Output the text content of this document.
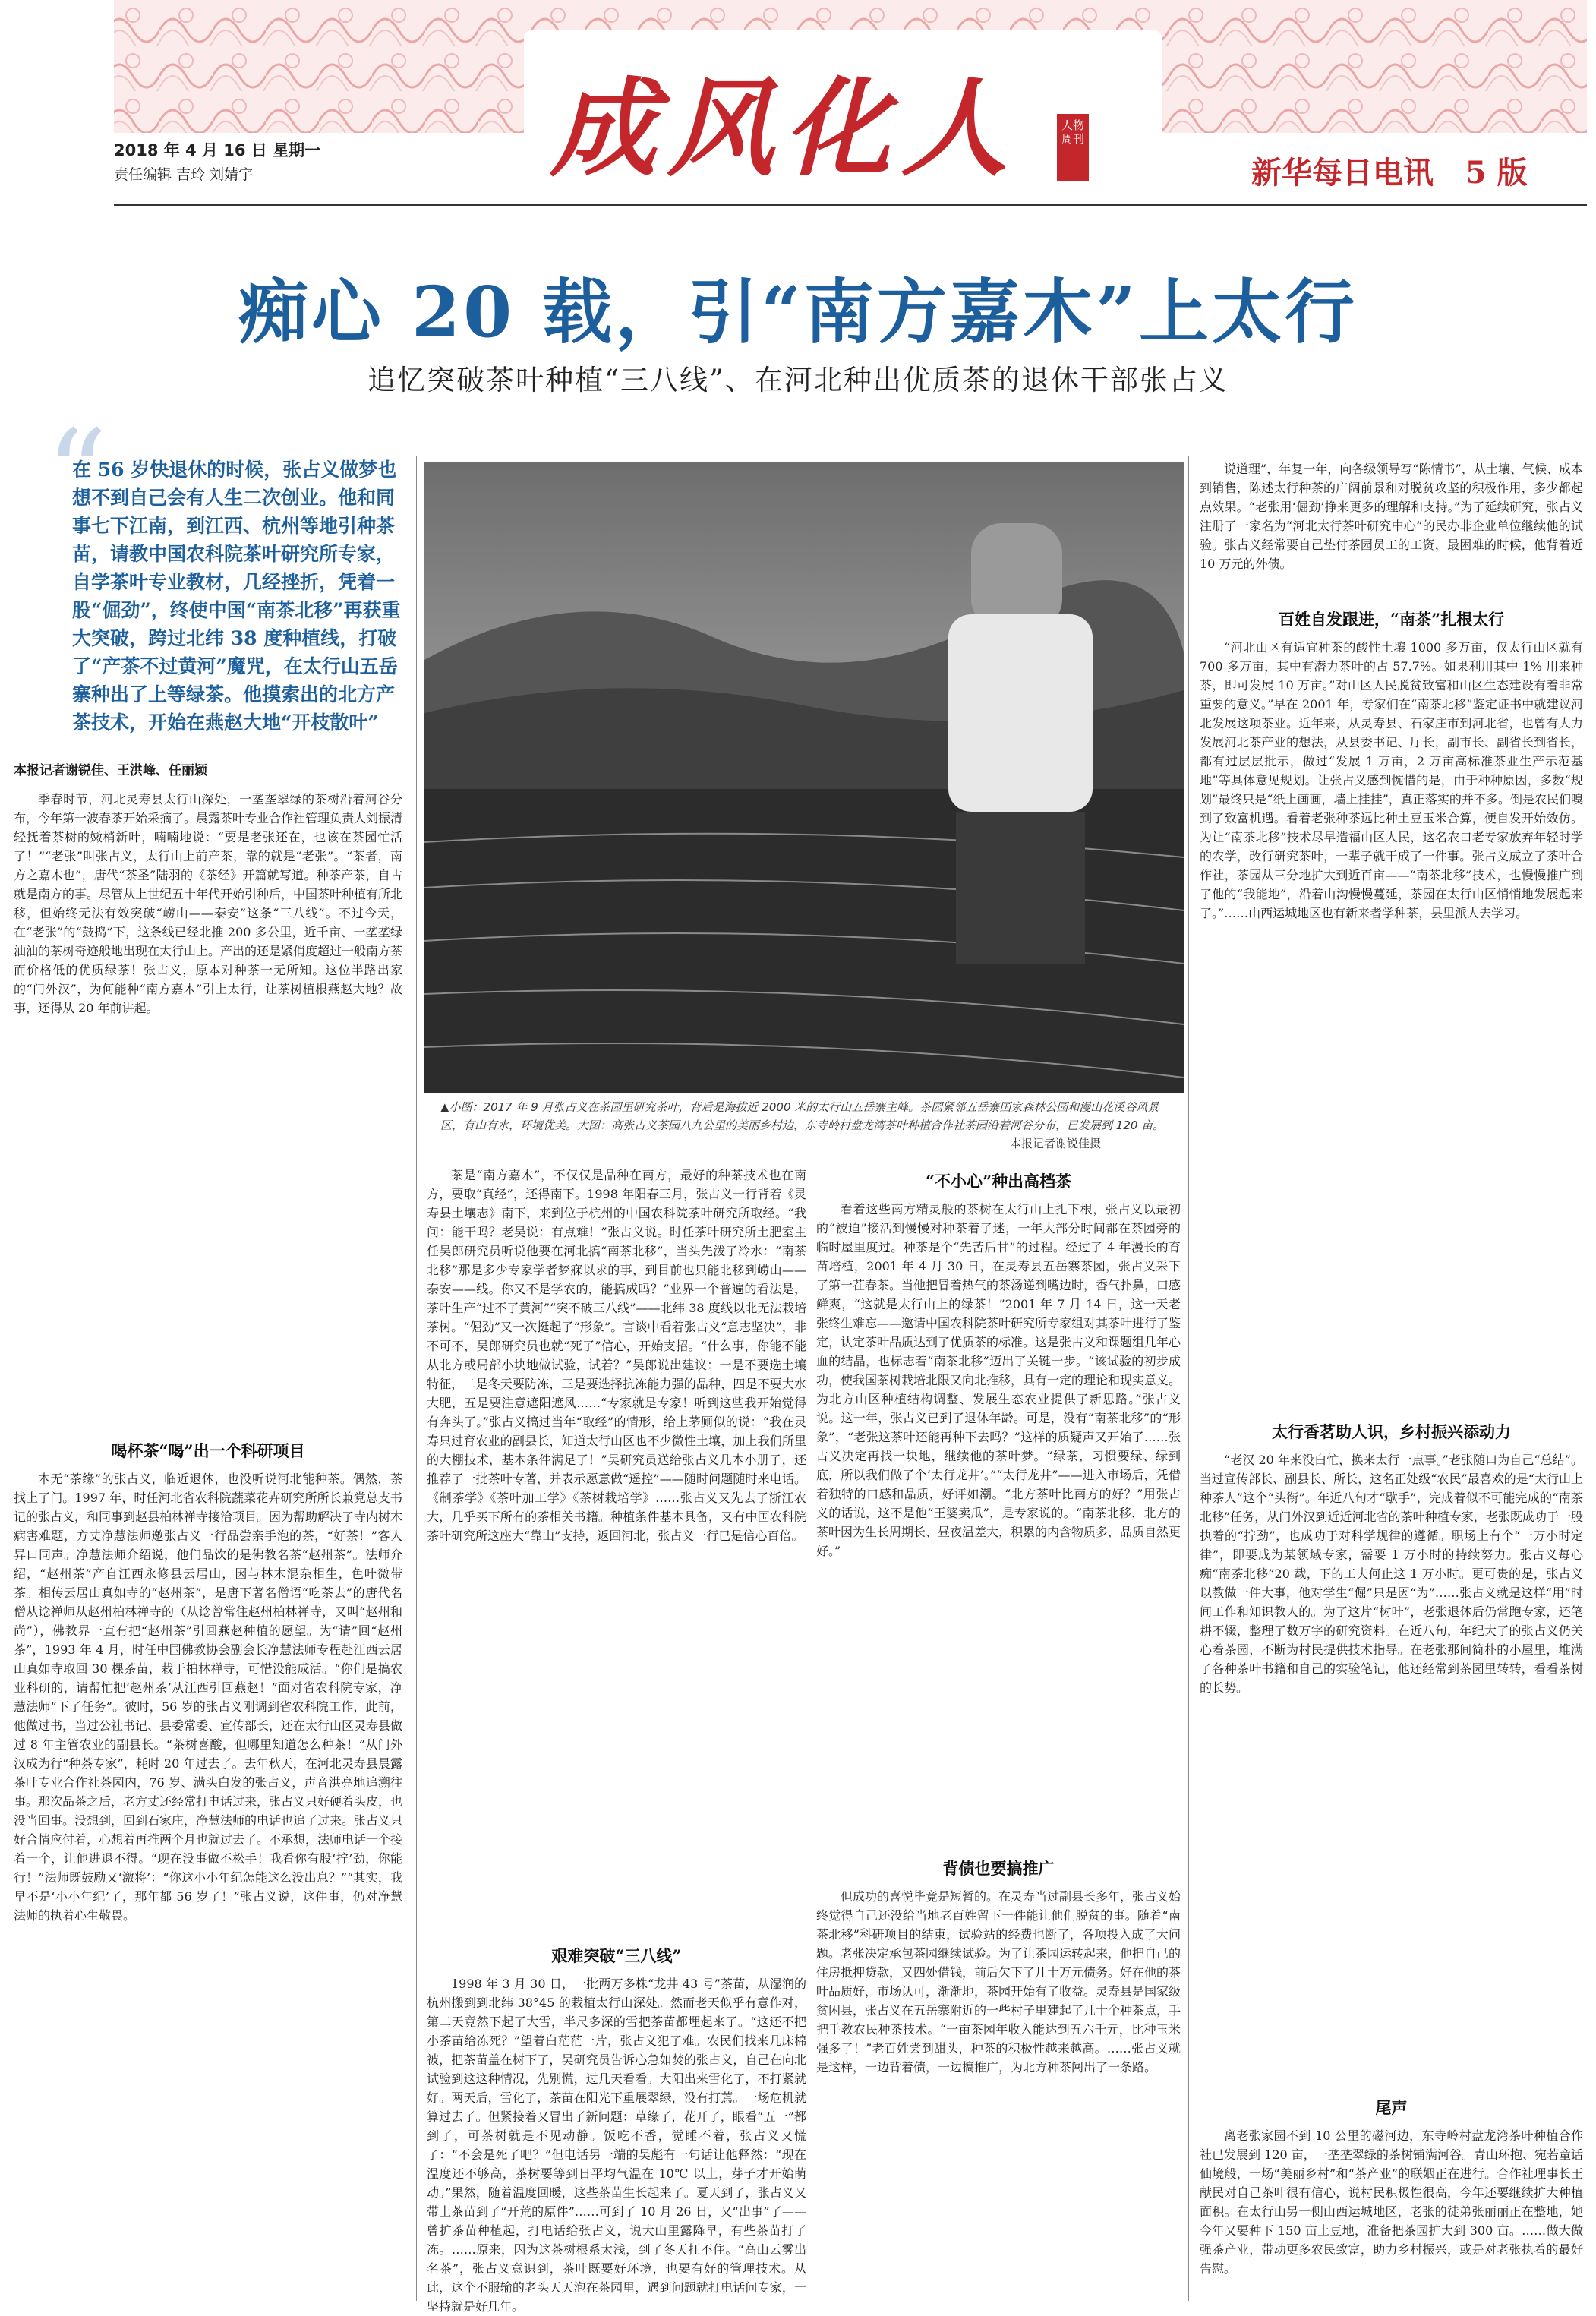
成风化人	人物周刊
2018 年 4 月 16 日 星期一
责任编辑 吉玲 刘婧宇	新华每日电讯 5 版
痴心 20 载，引“南方嘉木”上太行
追忆突破茶叶种植“三八线”、在河北种出优质茶的退休干部张占义
“
在 56 岁快退休的时候，张占义做梦也想不到自己会有人生二次创业。他和同事七下江南，到江西、杭州等地引种茶苗，请教中国农科院茶叶研究所专家，自学茶叶专业教材，几经挫折，凭着一股“倔劲”，终使中国“南茶北移”再获重大突破，跨过北纬 38 度种植线，打破了“产茶不过黄河”魔咒，在太行山五岳寨种出了上等绿茶。他摸索出的北方产茶技术，开始在燕赵大地“开枝散叶”
本报记者谢锐佳、王洪峰、任丽颖
▲小图：2017 年 9 月张占义在茶园里研究茶叶，背后是海拔近 2000 米的太行山五岳寨主峰。茶园紧邻五岳寨国家森林公园和漫山花溪谷风景区，有山有水，环境优美。大图：高张占义茶园八九公里的美丽乡村边，东寺岭村盘龙湾茶叶种植合作社茶园沿着河谷分布，已发展到 120 亩。
本报记者谢锐佳摄

季春时节，河北灵寿县太行山深处，一垄垄翠绿的茶树沿着河谷分布，今年第一波春茶开始采摘了。晨露茶叶专业合作社管理负责人刘振清轻抚着茶树的嫩梢新叶，喃喃地说：“要是老张还在，也该在茶园忙活了！”“老张”叫张占义，太行山上前产茶，靠的就是“老张”。“茶者，南方之嘉木也”，唐代“茶圣”陆羽的《茶经》开篇就写道。种茶产茶，自古就是南方的事。尽管从上世纪五十年代开始引种后，中国茶叶种植有所北移，但始终无法有效突破“崂山——泰安”这条“三八线”。不过今天，在“老张”的“鼓捣”下，这条线已经北推 200 多公里，近千亩、一垄垄绿油油的茶树奇迹般地出现在太行山上。产出的还是紧俏度超过一般南方茶而价格低的优质绿茶！张占义，原本对种茶一无所知。这位半路出家的“门外汉”，为何能种“南方嘉木”引上太行，让茶树植根燕赵大地？故事，还得从 20 年前讲起。

喝杯茶“喝”出一个科研项目

本无“茶缘”的张占义，临近退休，也没听说河北能种茶。偶然，茶找上了门。1997 年，时任河北省农科院蔬菜花卉研究所所长兼党总支书记的张占义，和同事到赵县柏林禅寺接洽项目。因为帮助解决了寺内树木病害难题，方丈净慧法师邀张占义一行品尝亲手泡的茶，“好茶！”客人异口同声。净慧法师介绍说，他们品饮的是佛教名茶“赵州茶”。法师介绍，“赵州茶”产自江西永修县云居山，因与林木混杂相生，色叶微带茶。相传云居山真如寺的“赵州茶”，是唐下著名僧语“吃茶去”的唐代名僧从谂禅师从赵州柏林禅寺的（从谂曾常住赵州柏林禅寺，又叫“赵州和尚”），佛教界一直有把“赵州茶”引回燕赵种植的愿望。为“请”回“赵州茶”，1993 年 4 月，时任中国佛教协会副会长净慧法师专程赴江西云居山真如寺取回 30 棵茶苗，栽于柏林禅寺，可惜没能成活。“你们是搞农业科研的，请帮忙把‘赵州茶’从江西引回燕赵！”面对省农科院专家，净慧法师“下了任务”。彼时，56 岁的张占义刚调到省农科院工作，此前，他做过书，当过公社书记、县委常委、宣传部长，还在太行山区灵寿县做过 8 年主管农业的副县长。“茶树喜酸，但哪里知道怎么种茶！”从门外汉成为行“种茶专家”，耗时 20 年过去了。去年秋天，在河北灵寿县晨露茶叶专业合作社茶园内，76 岁、满头白发的张占义，声音洪亮地追溯往事。那次品茶之后，老方丈还经常打电话过来，张占义只好硬着头皮，也没当回事。没想到，回到石家庄，净慧法师的电话也追了过来。张占义只好合情应付着，心想着再推两个月也就过去了。不承想，法师电话一个接着一个，让他进退不得。“现在没事做不松手！我看你有股‘拧’劲，你能行！”法师既鼓励又‘激将’：“你这小小年纪怎能这么没出息？”“其实，我早不是‘小小年纪’了，那年都 56 岁了！”张占义说，这件事，仍对净慧法师的执着心生敬畏。

茶是“南方嘉木”，不仅仅是品种在南方，最好的种茶技术也在南方，要取“真经”，还得南下。1998 年阳春三月，张占义一行背着《灵寿县土壤志》南下，来到位于杭州的中国农科院茶叶研究所取经。“我问：能干吗？老吴说：有点难！”张占义说。时任茶叶研究所土肥室主任吴郎研究员听说他要在河北搞“南茶北移”，当头先泼了冷水：“南茶北移”那是多少专家学者梦寐以求的事，到目前也只能北移到崂山——泰安——线。你又不是学农的，能搞成吗？”业界一个普遍的看法是，茶叶生产“过不了黄河”“突不破三八线”——北纬 38 度线以北无法栽培茶树。“倔劲”又一次挺起了“形象”。言谈中看着张占义“意志坚决”，非不可不，吴郎研究员也就“死了”信心，开始支招。“什么事，你能不能从北方或局部小块地做试验，试着？”吴郎说出建议：一是不要选土壤特征，二是冬天要防冻，三是要选择抗冻能力强的品种，四是不要大水大肥，五是要注意遮阳遮风……“专家就是专家！听到这些我开始觉得有奔头了。”张占义搞过当年“取经”的情形，给上茅厕似的说：“我在灵寿只过育农业的副县长，知道太行山区也不少微性土壤，加上我们所里的大棚技术，基本条件满足了！”吴研究员送给张占义几本小册子，还推荐了一批茶叶专著，并表示愿意做“遥控”——随时问题随时来电话。《制茶学》《茶叶加工学》《茶树栽培学》……张占义又先去了浙江农大，几乎买下所有的茶相关书籍。种植条件基本具备，又有中国农科院茶叶研究所这座大“靠山”支持，返回河北，张占义一行已是信心百倍。

艰难突破“三八线”

1998 年 3 月 30 日，一批两万多株“龙井 43 号”茶苗，从湿润的杭州搬到到北纬 38°45 的栽植太行山深处。然而老天似乎有意作对，第二天竟然下起了大雪，半尺多深的雪把茶苗都埋起来了。“这还不把小茶苗给冻死？”望着白茫茫一片，张占义犯了难。农民们找来几床棉被，把茶苗盖在树下了，吴研究员告诉心急如焚的张占义，自己在向北试验到这这种情况，先别慌，过几天看看。大阳出来雪化了，不打紧就好。两天后，雪化了，茶苗在阳光下重展翠绿，没有打蔫。一场危机就算过去了。但紧接着又冒出了新问题：草缘了，花开了，眼看“五一”都到了，可茶树就是不见动静。饭吃不香，觉睡不着，张占义又慌了：“不会是死了吧？”但电话另一端的吴彪有一句话让他释然：“现在温度还不够高，茶树要等到日平均气温在 10℃ 以上，芽子才开始萌动。”果然，随着温度回暖，这些茶苗生长起来了。夏天到了，张占义又带上茶苗到了“开荒的原件”……可到了 10 月 26 日，又“出事”了——曾扩茶苗种植起，打电话给张占义，说大山里露降早，有些茶苗打了冻。……原来，因为这茶树根系太浅，到了冬天扛不住。“高山云雾出名茶”，张占义意识到，茶叶既要好环境，也要有好的管理技术。从此，这个不服输的老头天天泡在茶园里，遇到问题就打电话问专家，一坚持就是好几年。

“不小心”种出高档茶

看着这些南方精灵般的茶树在太行山上扎下根，张占义以最初的“被迫”接活到慢慢对种茶着了迷，一年大部分时间都在茶园旁的临时屋里度过。种茶是个“先苦后甘”的过程。经过了 4 年漫长的育苗培植，2001 年 4 月 30 日，在灵寿县五岳寨茶园，张占义采下了第一茬春茶。当他把冒着热气的茶汤递到嘴边时，香气扑鼻，口感鲜爽，“这就是太行山上的绿茶！”2001 年 7 月 14 日，这一天老张终生难忘——邀请中国农科院茶叶研究所专家组对其茶叶进行了鉴定，认定茶叶品质达到了优质茶的标准。这是张占义和课题组几年心血的结晶，也标志着“南茶北移”迈出了关键一步。“该试验的初步成功，使我国茶树栽培北限又向北推移，具有一定的理论和现实意义。为北方山区种植结构调整、发展生态农业提供了新思路。”张占义说。这一年，张占义已到了退休年龄。可是，没有“南茶北移”的“形象”，“老张这茶叶还能再种下去吗？”这样的质疑声又开始了……张占义决定再找一块地，继续他的茶叶梦。“绿茶，习惯要绿、绿到底，所以我们做了个‘太行龙井’。”“太行龙井”——进入市场后，凭借着独特的口感和品质，好评如潮。“北方茶叶比南方的好？”用张占义的话说，这不是他“王婆卖瓜”，是专家说的。“南茶北移，北方的茶叶因为生长周期长、昼夜温差大，积累的内含物质多，品质自然更好。”

背债也要搞推广

但成功的喜悦毕竟是短暂的。在灵寿当过副县长多年，张占义始终觉得自己还没给当地老百姓留下一件能让他们脱贫的事。随着“南茶北移”科研项目的结束，试验站的经费也断了，各项投入成了大问题。老张决定承包茶园继续试验。为了让茶园运转起来，他把自己的住房抵押贷款，又四处借钱，前后欠下了几十万元债务。好在他的茶叶品质好，市场认可，渐渐地，茶园开始有了收益。灵寿县是国家级贫困县，张占义在五岳寨附近的一些村子里建起了几十个种茶点，手把手教农民种茶技术。“一亩茶园年收入能达到五六千元，比种玉米强多了！”老百姓尝到甜头，种茶的积极性越来越高。……张占义就是这样，一边背着债，一边搞推广，为北方种茶闯出了一条路。

说道理”，年复一年，向各级领导写“陈情书”，从土壤、气候、成本到销售，陈述太行种茶的广阔前景和对脱贫攻坚的积极作用，多少都起点效果。“老张用‘倔劲’挣来更多的理解和支持。”为了延续研究，张占义注册了一家名为“河北太行茶叶研究中心”的民办非企业单位继续他的试验。张占义经常要自己垫付茶园员工的工资，最困难的时候，他背着近 10 万元的外债。

百姓自发跟进，“南茶”扎根太行

“河北山区有适宜种茶的酸性土壤 1000 多万亩，仅太行山区就有 700 多万亩，其中有潜力茶叶的占 57.7%。如果利用其中 1% 用来种茶，即可发展 10 万亩。”对山区人民脱贫致富和山区生态建设有着非常重要的意义。”早在 2001 年，专家们在“南茶北移”鉴定证书中就建议河北发展这项茶业。近年来，从灵寿县、石家庄市到河北省，也曾有大力发展河北茶产业的想法，从县委书记、厅长，副市长、副省长到省长，都有过层层批示，做过“发展 1 万亩，2 万亩高标准茶业生产示范基地”等具体意见规划。让张占义感到惋惜的是，由于种种原因，多数“规划”最终只是“纸上画画，墙上挂挂”，真正落实的并不多。倒是农民们嗅到了致富机遇。看着老张种茶远比种土豆玉米合算，便自发开始效仿。为让“南茶北移”技术尽早造福山区人民，这名农口老专家放弃年轻时学的农学，改行研究茶叶，一辈子就干成了一件事。张占义成立了茶叶合作社，茶园从三分地扩大到近百亩——“南茶北移”技术，也慢慢推广到了他的“我能地”，沿着山沟慢慢蔓延，茶园在太行山区悄悄地发展起来了。”……山西运城地区也有新来者学种茶，县里派人去学习。

太行香茗助人识，乡村振兴添动力

“老汉 20 年来没白忙，换来太行一点事。”老张随口为自己“总结”。当过宣传部长、副县长、所长，这名正处级“农民”最喜欢的是“太行山上种茶人”这个“头衔”。年近八旬才“歇手”，完成着似不可能完成的“南茶北移”任务，从门外汉到近近河北省的茶叶种植专家，老张既成功于一股执着的“拧劲”，也成功于对科学规律的遵循。职场上有个“一万小时定律”，即要成为某领域专家，需要 1 万小时的持续努力。张占义每心痴“南茶北移”20 载，下的工夫何止这 1 万小时。更可贵的是，张占义以教做一件大事，他对学生“倔”只是因“为”……张占义就是这样“用”时间工作和知识教人的。为了这片“树叶”，老张退休后仍常跑专家，还笔耕不辍，整理了数万字的研究资料。在近八旬，年纪大了的张占义仍关心着茶园，不断为村民提供技术指导。在老张那间简朴的小屋里，堆满了各种茶叶书籍和自己的实验笔记，他还经常到茶园里转转，看看茶树的长势。

尾声

离老张家园不到 10 公里的磁河边，东寺岭村盘龙湾茶叶种植合作社已发展到 120 亩，一垄垄翠绿的茶树铺满河谷。青山环抱、宛若童话仙境般，一场“美丽乡村”和“茶产业”的联姻正在进行。合作社理事长王献民对自己茶叶很有信心，说村民积极性很高，今年还要继续扩大种植面积。在太行山另一侧山西运城地区，老张的徒弟张丽丽正在整地，她今年又要种下 150 亩土豆地，准备把茶园扩大到 300 亩。……做大做强茶产业，带动更多农民致富，助力乡村振兴，或是对老张执着的最好告慰。
